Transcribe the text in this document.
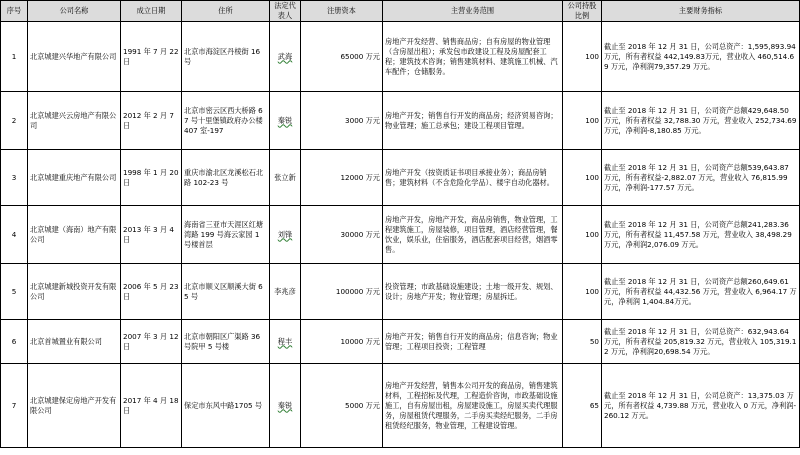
序号	公司名称	成立日期	住所	法定代表人	注册资本	主营业务范围	公司持股比例	主要财务指标
1	北京城建兴华地产有限公司	1991 年 7 月 22日	北京市海淀区丹棱街 16 号	武海	65000 万元	房地产开发经营、销售商品房；自有房屋的物业管理（含房屋出租）；承发包市政建设工程及房屋配套工程；建筑技术咨询；销售建筑材料、建筑施工机械、汽车配件；仓储服务。	100	截止至 2018 年 12 月 31 日，公司总资产：1,595,893.94 万元，所有者权益 442,149.83万元，营业收入 460,514.69 万元，净利润79,357.29 万元。
2	北京城建兴云房地产有限公司	2012 年 2 月 7日	北京市密云区西大桥路 67 号十里堡镇政府办公楼 407 室-197	秦锐	3000 万元	房地产开发；销售自行开发的商品房；经济贸易咨询；物业管理；施工总承包；建设工程项目管理。	100	截止至 2018 年 12 月 31 日，公司资产总额429,648.50 万元，所有者权益 32,788.30 万元，营业收入 252,734.69 万元，净利润-8,180.85 万元。
3	北京城建重庆地产有限公司	1998 年 1 月 20日	重庆市渝北区龙溪松石北路 102-23 号	张立新	12000 万元	房地产开发（按资质证书项目承接业务）；商品房销售；建筑材料（不含危险化学品）、楼宇自动化器材。	100	截止至 2018 年 12 月 31 日，公司资产总额539,643.87 万元，所有者权益-2,882.07 万元，营业收入 76,815.99 万元，净利润-177.57 万元。
4	北京城建（海南）地产有限公司	2013 年 3 月 4日	海南省三亚市天涯区红塘湾路 199 号海云家园 1 号楼首层	刘锋	30000 万元	房地产开发，房地产开发，商品房销售，物业管理，工程建筑施工，房屋装修，项目管理，酒店经营管理，餐饮业，娱乐业，住宿服务，酒店配套项目经营，烟酒零售。	100	截止至 2018 年 12 月 31 日，公司资产总额241,283.36 万元，所有者权益 11,457.58 万元，营业收入 38,498.29 万元，净利润2,076.09 万元。
5	北京城建新城投资开发有限公司	2006 年 5 月 23日	北京市顺义区顺溪大街 65 号	李兆彦	100000 万元	投资管理；市政基础设施建设；土地一级开发、规划、设计；房地产开发；物业管理；房屋拆迁。	100	截止至 2018 年 12 月 31 日，公司资产总额260,649.61 万元，所有者权益 44,432.56 万元，营业收入 6,964.17 万元，净利润 1,404.84万元。
6	北京首城置业有限公司	2007 年 3 月 12日	北京市朝阳区广渠路 36 号院甲 5 号楼	程丰	10000 万元	房地产开发；销售自行开发的商品房；信息咨询；物业管理；工程项目投资；工程管理	50	截止至 2018 年 12 月 31 日，公司总资产：632,943.64 万元，所有者权益 205,819.32 万元，营业收入 105,319.12 万元，净利润20,698.54 万元。
7	北京城建保定房地产开发有限公司	2017 年 4 月 18日	保定市东风中路1705 号	秦锐	5000 万元	房地产开发经营，销售本公司开发的商品房，销售建筑材料，工程招标及代理，工程造价咨询，市政基础设施施工，自有房屋出租，房屋建设施工，房屋买卖代理服务，房屋租赁代理服务，二手房买卖经纪服务，二手房租赁经纪服务，物业管理，工程建设管理。	65	截止至 2018 年 12 月 31 日，公司总资产：13,375.03 万元，所有者权益 4,739.88 万元，营业收入 0 万元，净利润-260.12 万元。
